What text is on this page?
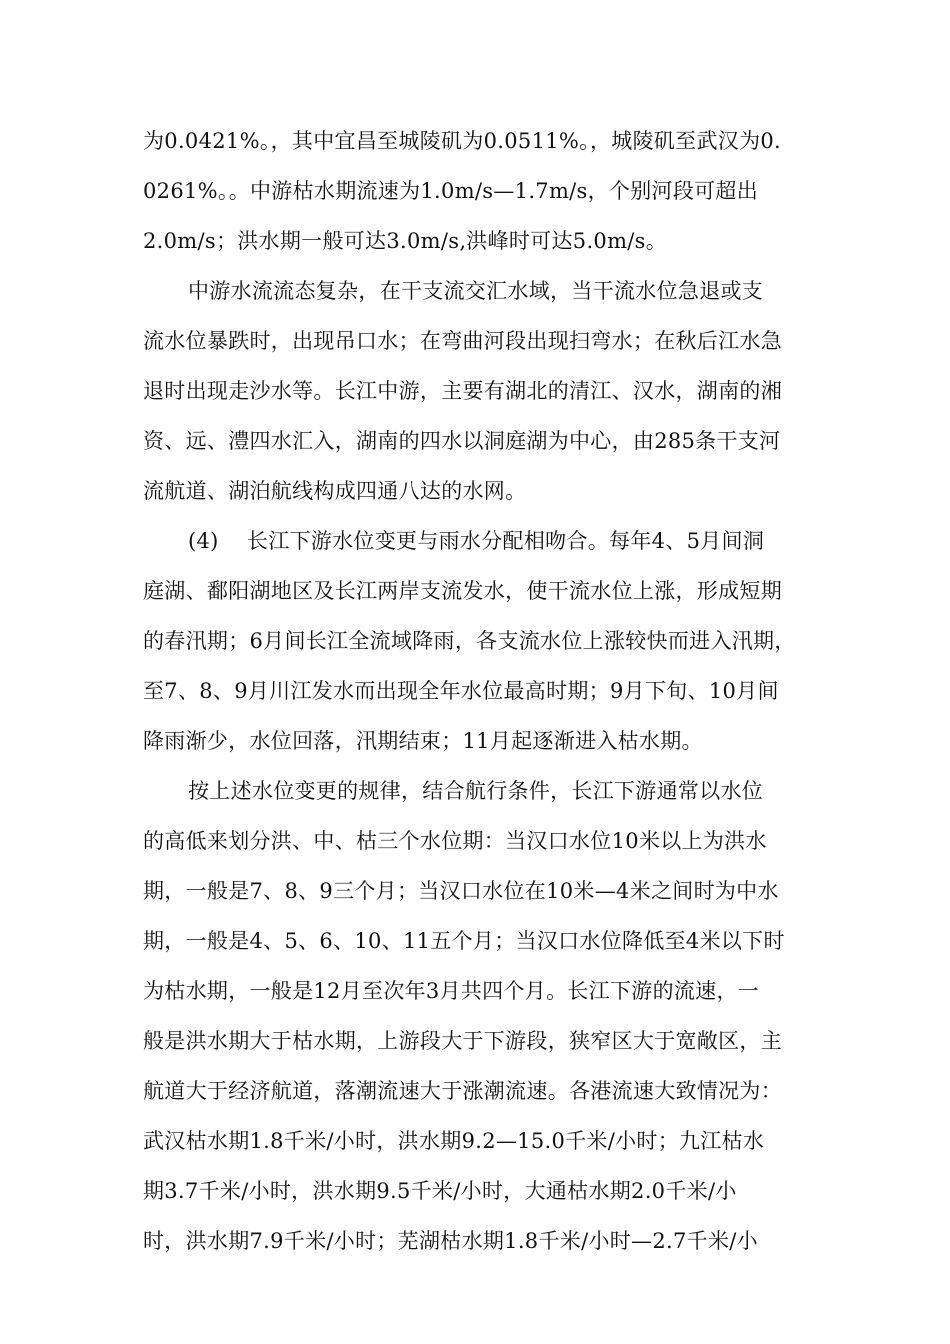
为0.0421%。，其中宜昌至城陵矶为0.0511%。，城陵矶至武汉为0.
0261%。。中游枯水期流速为1.0m/s—1.7m/s，个别河段可超出
2.0m/s；洪水期一般可达3.0m/s,洪峰时可达5.0m/s。
中游水流流态复杂，在干支流交汇水域，当干流水位急退或支
流水位暴跌时，出现吊口水；在弯曲河段出现扫弯水；在秋后江水急
退时出现走沙水等。长江中游，主要有湖北的清江、汉水，湖南的湘
资、远、澧四水汇入，湖南的四水以洞庭湖为中心，由285条干支河
流航道、湖泊航线构成四通八达的水网。
(4)　 长江下游水位变更与雨水分配相吻合。每年4、5月间洞
庭湖、鄱阳湖地区及长江两岸支流发水，使干流水位上涨，形成短期
的春汛期；6月间长江全流域降雨，各支流水位上涨较快而进入汛期，
至7、8、9月川江发水而出现全年水位最高时期；9月下旬、10月间
降雨渐少，水位回落，汛期结束；11月起逐渐进入枯水期。
按上述水位变更的规律，结合航行条件，长江下游通常以水位
的高低来划分洪、中、枯三个水位期：当汉口水位10米以上为洪水
期，一般是7、8、9三个月；当汉口水位在10米—4米之间时为中水
期，一般是4、5、6、10、11五个月；当汉口水位降低至4米以下时
为枯水期，一般是12月至次年3月共四个月。长江下游的流速，一
般是洪水期大于枯水期，上游段大于下游段，狭窄区大于宽敞区，主
航道大于经济航道，落潮流速大于涨潮流速。各港流速大致情况为：
武汉枯水期1.8千米/小时，洪水期9.2—15.0千米/小时；九江枯水
期3.7千米/小时，洪水期9.5千米/小时，大通枯水期2.0千米/小
时，洪水期7.9千米/小时；芜湖枯水期1.8千米/小时—2.7千米/小
